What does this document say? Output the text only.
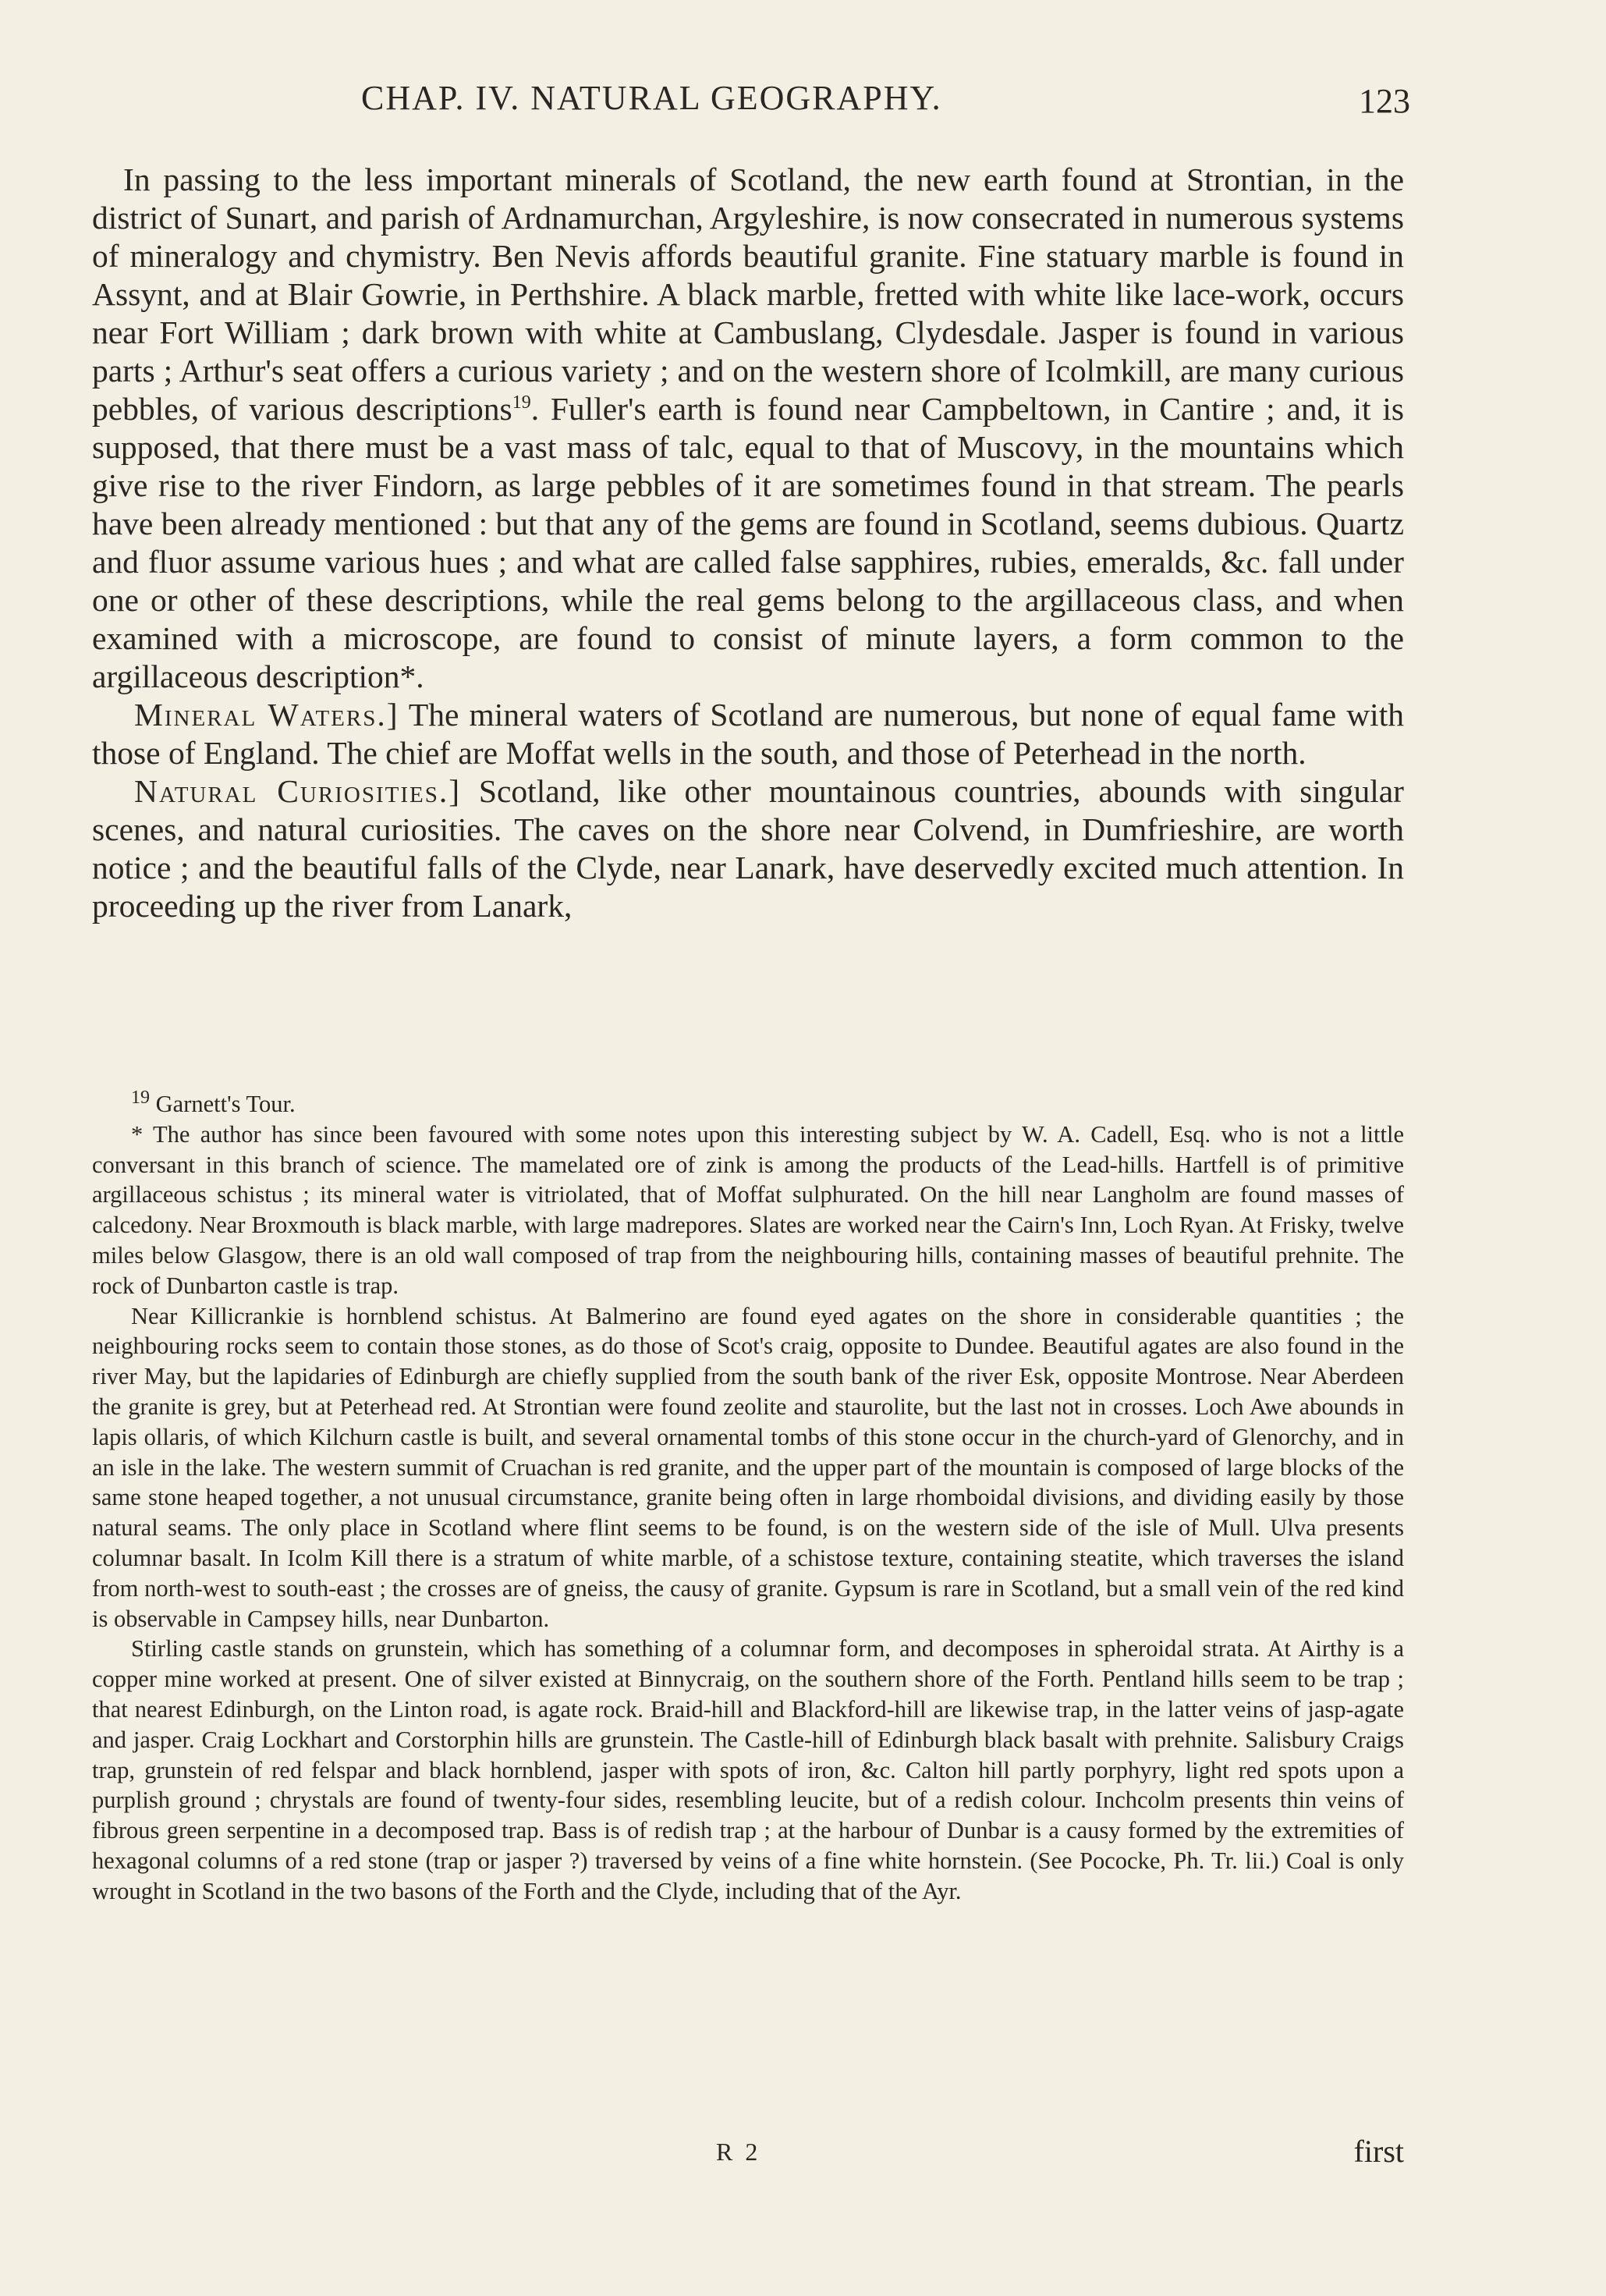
CHAP. IV. NATURAL GEOGRAPHY.	123

In passing to the less important minerals of Scotland, the new earth found at Strontian, in the district of Sunart, and parish of Ardnamurchan, Argyleshire, is now consecrated in numerous systems of mineralogy and chymistry. Ben Nevis affords beautiful granite. Fine statuary marble is found in Assynt, and at Blair Gowrie, in Perthshire. A black marble, fretted with white like lace-work, occurs near Fort William ; dark brown with white at Cambuslang, Clydesdale. Jasper is found in various parts ; Arthur's seat offers a curious variety ; and on the western shore of Icolmkill, are many curious pebbles, of various descriptions$^{19}$. Fuller's earth is found near Campbeltown, in Cantire ; and, it is supposed, that there must be a vast mass of talc, equal to that of Muscovy, in the mountains which give rise to the river Findorn, as large pebbles of it are sometimes found in that stream. The pearls have been already mentioned : but that any of the gems are found in Scotland, seems dubious. Quartz and fluor assume various hues ; and what are called false sapphires, rubies, emeralds, &c. fall under one or other of these descriptions, while the real gems belong to the argillaceous class, and when examined with a microscope, are found to consist of minute layers, a form common to the argillaceous description*.

Mineral Waters.] The mineral waters of Scotland are numerous, but none of equal fame with those of England. The chief are Moffat wells in the south, and those of Peterhead in the north.

Natural Curiosities.] Scotland, like other mountainous countries, abounds with singular scenes, and natural curiosities. The caves on the shore near Colvend, in Dumfrieshire, are worth notice ; and the beautiful falls of the Clyde, near Lanark, have deservedly excited much attention. In proceeding up the river from Lanark,

$^{19}$ Garnett's Tour.

* The author has since been favoured with some notes upon this interesting subject by W. A. Cadell, Esq. who is not a little conversant in this branch of science. The mamelated ore of zink is among the products of the Lead-hills. Hartfell is of primitive argillaceous schistus ; its mineral water is vitriolated, that of Moffat sulphurated. On the hill near Langholm are found masses of calcedony. Near Broxmouth is black marble, with large madrepores. Slates are worked near the Cairn's Inn, Loch Ryan. At Frisky, twelve miles below Glasgow, there is an old wall composed of trap from the neighbouring hills, containing masses of beautiful prehnite. The rock of Dunbarton castle is trap.

Near Killicrankie is hornblend schistus. At Balmerino are found eyed agates on the shore in considerable quantities ; the neighbouring rocks seem to contain those stones, as do those of Scot's craig, opposite to Dundee. Beautiful agates are also found in the river May, but the lapidaries of Edinburgh are chiefly supplied from the south bank of the river Esk, opposite Montrose. Near Aberdeen the granite is grey, but at Peterhead red. At Strontian were found zeolite and staurolite, but the last not in crosses. Loch Awe abounds in lapis ollaris, of which Kilchurn castle is built, and several ornamental tombs of this stone occur in the church-yard of Glenorchy, and in an isle in the lake. The western summit of Cruachan is red granite, and the upper part of the mountain is composed of large blocks of the same stone heaped together, a not unusual circumstance, granite being often in large rhomboidal divisions, and dividing easily by those natural seams. The only place in Scotland where flint seems to be found, is on the western side of the isle of Mull. Ulva presents columnar basalt. In Icolm Kill there is a stratum of white marble, of a schistose texture, containing steatite, which traverses the island from north-west to south-east ; the crosses are of gneiss, the causy of granite. Gypsum is rare in Scotland, but a small vein of the red kind is observable in Campsey hills, near Dunbarton.

Stirling castle stands on grunstein, which has something of a columnar form, and decomposes in spheroidal strata. At Airthy is a copper mine worked at present. One of silver existed at Binnycraig, on the southern shore of the Forth. Pentland hills seem to be trap ; that nearest Edinburgh, on the Linton road, is agate rock. Braid-hill and Blackford-hill are likewise trap, in the latter veins of jasp-agate and jasper. Craig Lockhart and Corstorphin hills are grunstein. The Castle-hill of Edinburgh black basalt with prehnite. Salisbury Craigs trap, grunstein of red felspar and black hornblend, jasper with spots of iron, &c. Calton hill partly porphyry, light red spots upon a purplish ground ; chrystals are found of twenty-four sides, resembling leucite, but of a redish colour. Inchcolm presents thin veins of fibrous green serpentine in a decomposed trap. Bass is of redish trap ; at the harbour of Dunbar is a causy formed by the extremities of hexagonal columns of a red stone (trap or jasper ?) traversed by veins of a fine white hornstein. (See Pococke, Ph. Tr. lii.) Coal is only wrought in Scotland in the two basons of the Forth and the Clyde, including that of the Ayr.

R 2	first
